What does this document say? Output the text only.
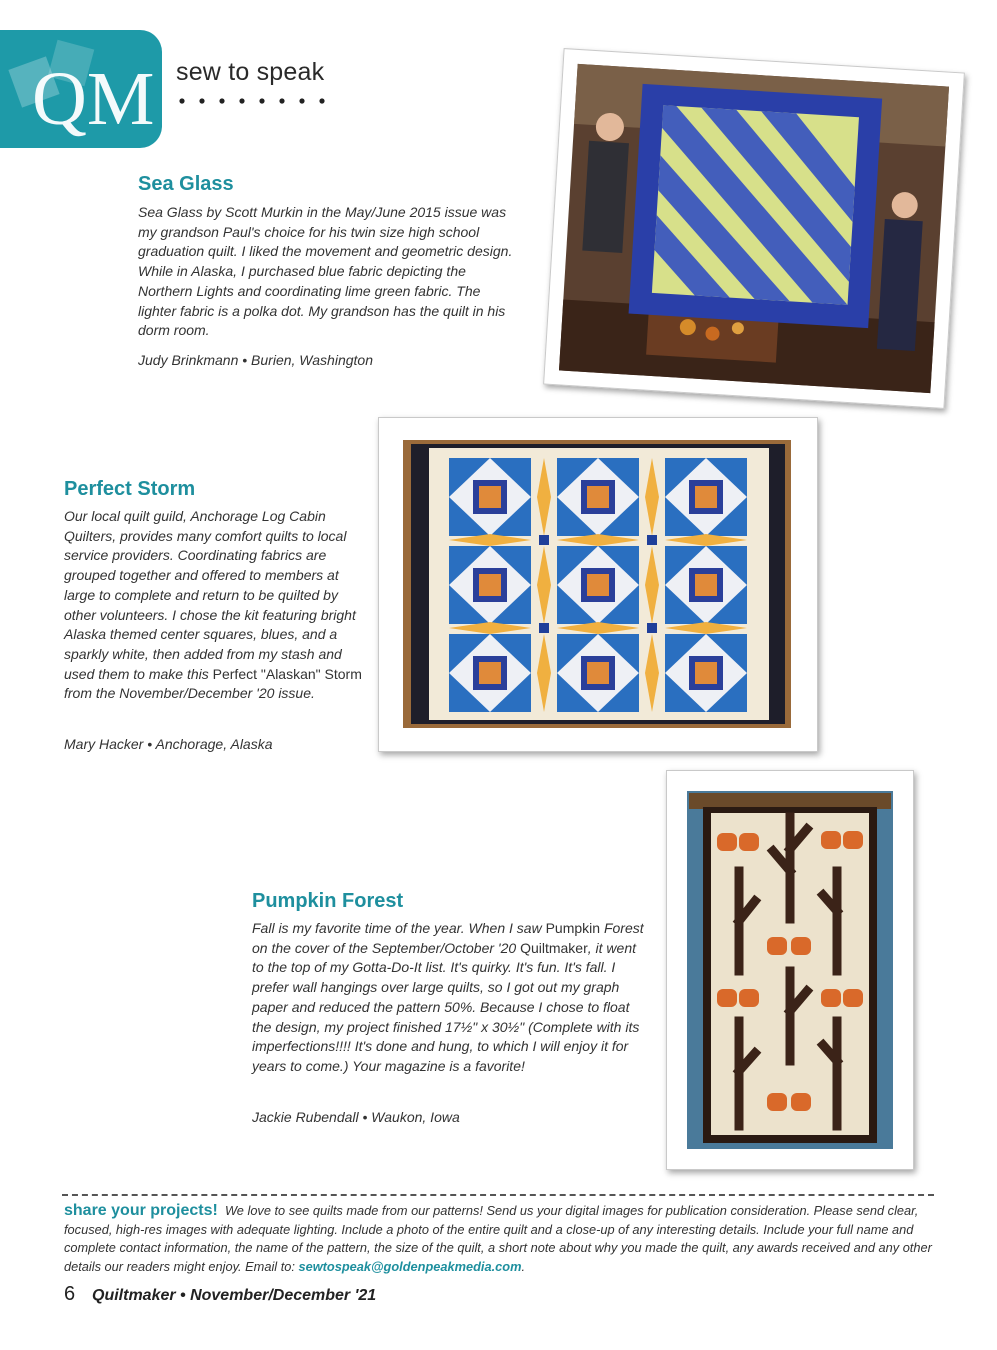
QM sew to speak
Sea Glass

Sea Glass by Scott Murkin in the May/June 2015 issue was my grandson Paul's choice for his twin size high school graduation quilt. I liked the movement and geometric design. While in Alaska, I purchased blue fabric depicting the Northern Lights and coordinating lime green fabric. The lighter fabric is a polka dot. My grandson has the quilt in his dorm room.

Judy Brinkmann • Burien, Washington
Perfect Storm

Our local quilt guild, Anchorage Log Cabin Quilters, provides many comfort quilts to local service providers. Coordinating fabrics are grouped together and offered to members at large to complete and return to be quilted by other volunteers. I chose the kit featuring bright Alaska themed center squares, blues, and a sparkly white, then added from my stash and used them to make this Perfect "Alaskan" Storm from the November/December '20 issue.

Mary Hacker • Anchorage, Alaska
Pumpkin Forest

Fall is my favorite time of the year. When I saw Pumpkin Forest on the cover of the September/October '20 Quiltmaker, it went to the top of my Gotta-Do-It list. It's quirky. It's fun. It's fall. I prefer wall hangings over large quilts, so I got out my graph paper and reduced the pattern 50%. Because I chose to float the design, my project finished 17½" x 30½" (Complete with its imperfections!!!! It's done and hung, to which I will enjoy it for years to come.) Your magazine is a favorite!

Jackie Rubendall • Waukon, Iowa
share your projects! We love to see quilts made from our patterns! Send us your digital images for publication consideration. Please send clear, focused, high-res images with adequate lighting. Include a photo of the entire quilt and a close-up of any interesting details. Include your full name and complete contact information, the name of the pattern, the size of the quilt, a short note about why you made the quilt, any awards received and any other details our readers might enjoy. Email to: sewtospeak@goldenpeakmedia.com.
6 Quiltmaker • November/December '21
